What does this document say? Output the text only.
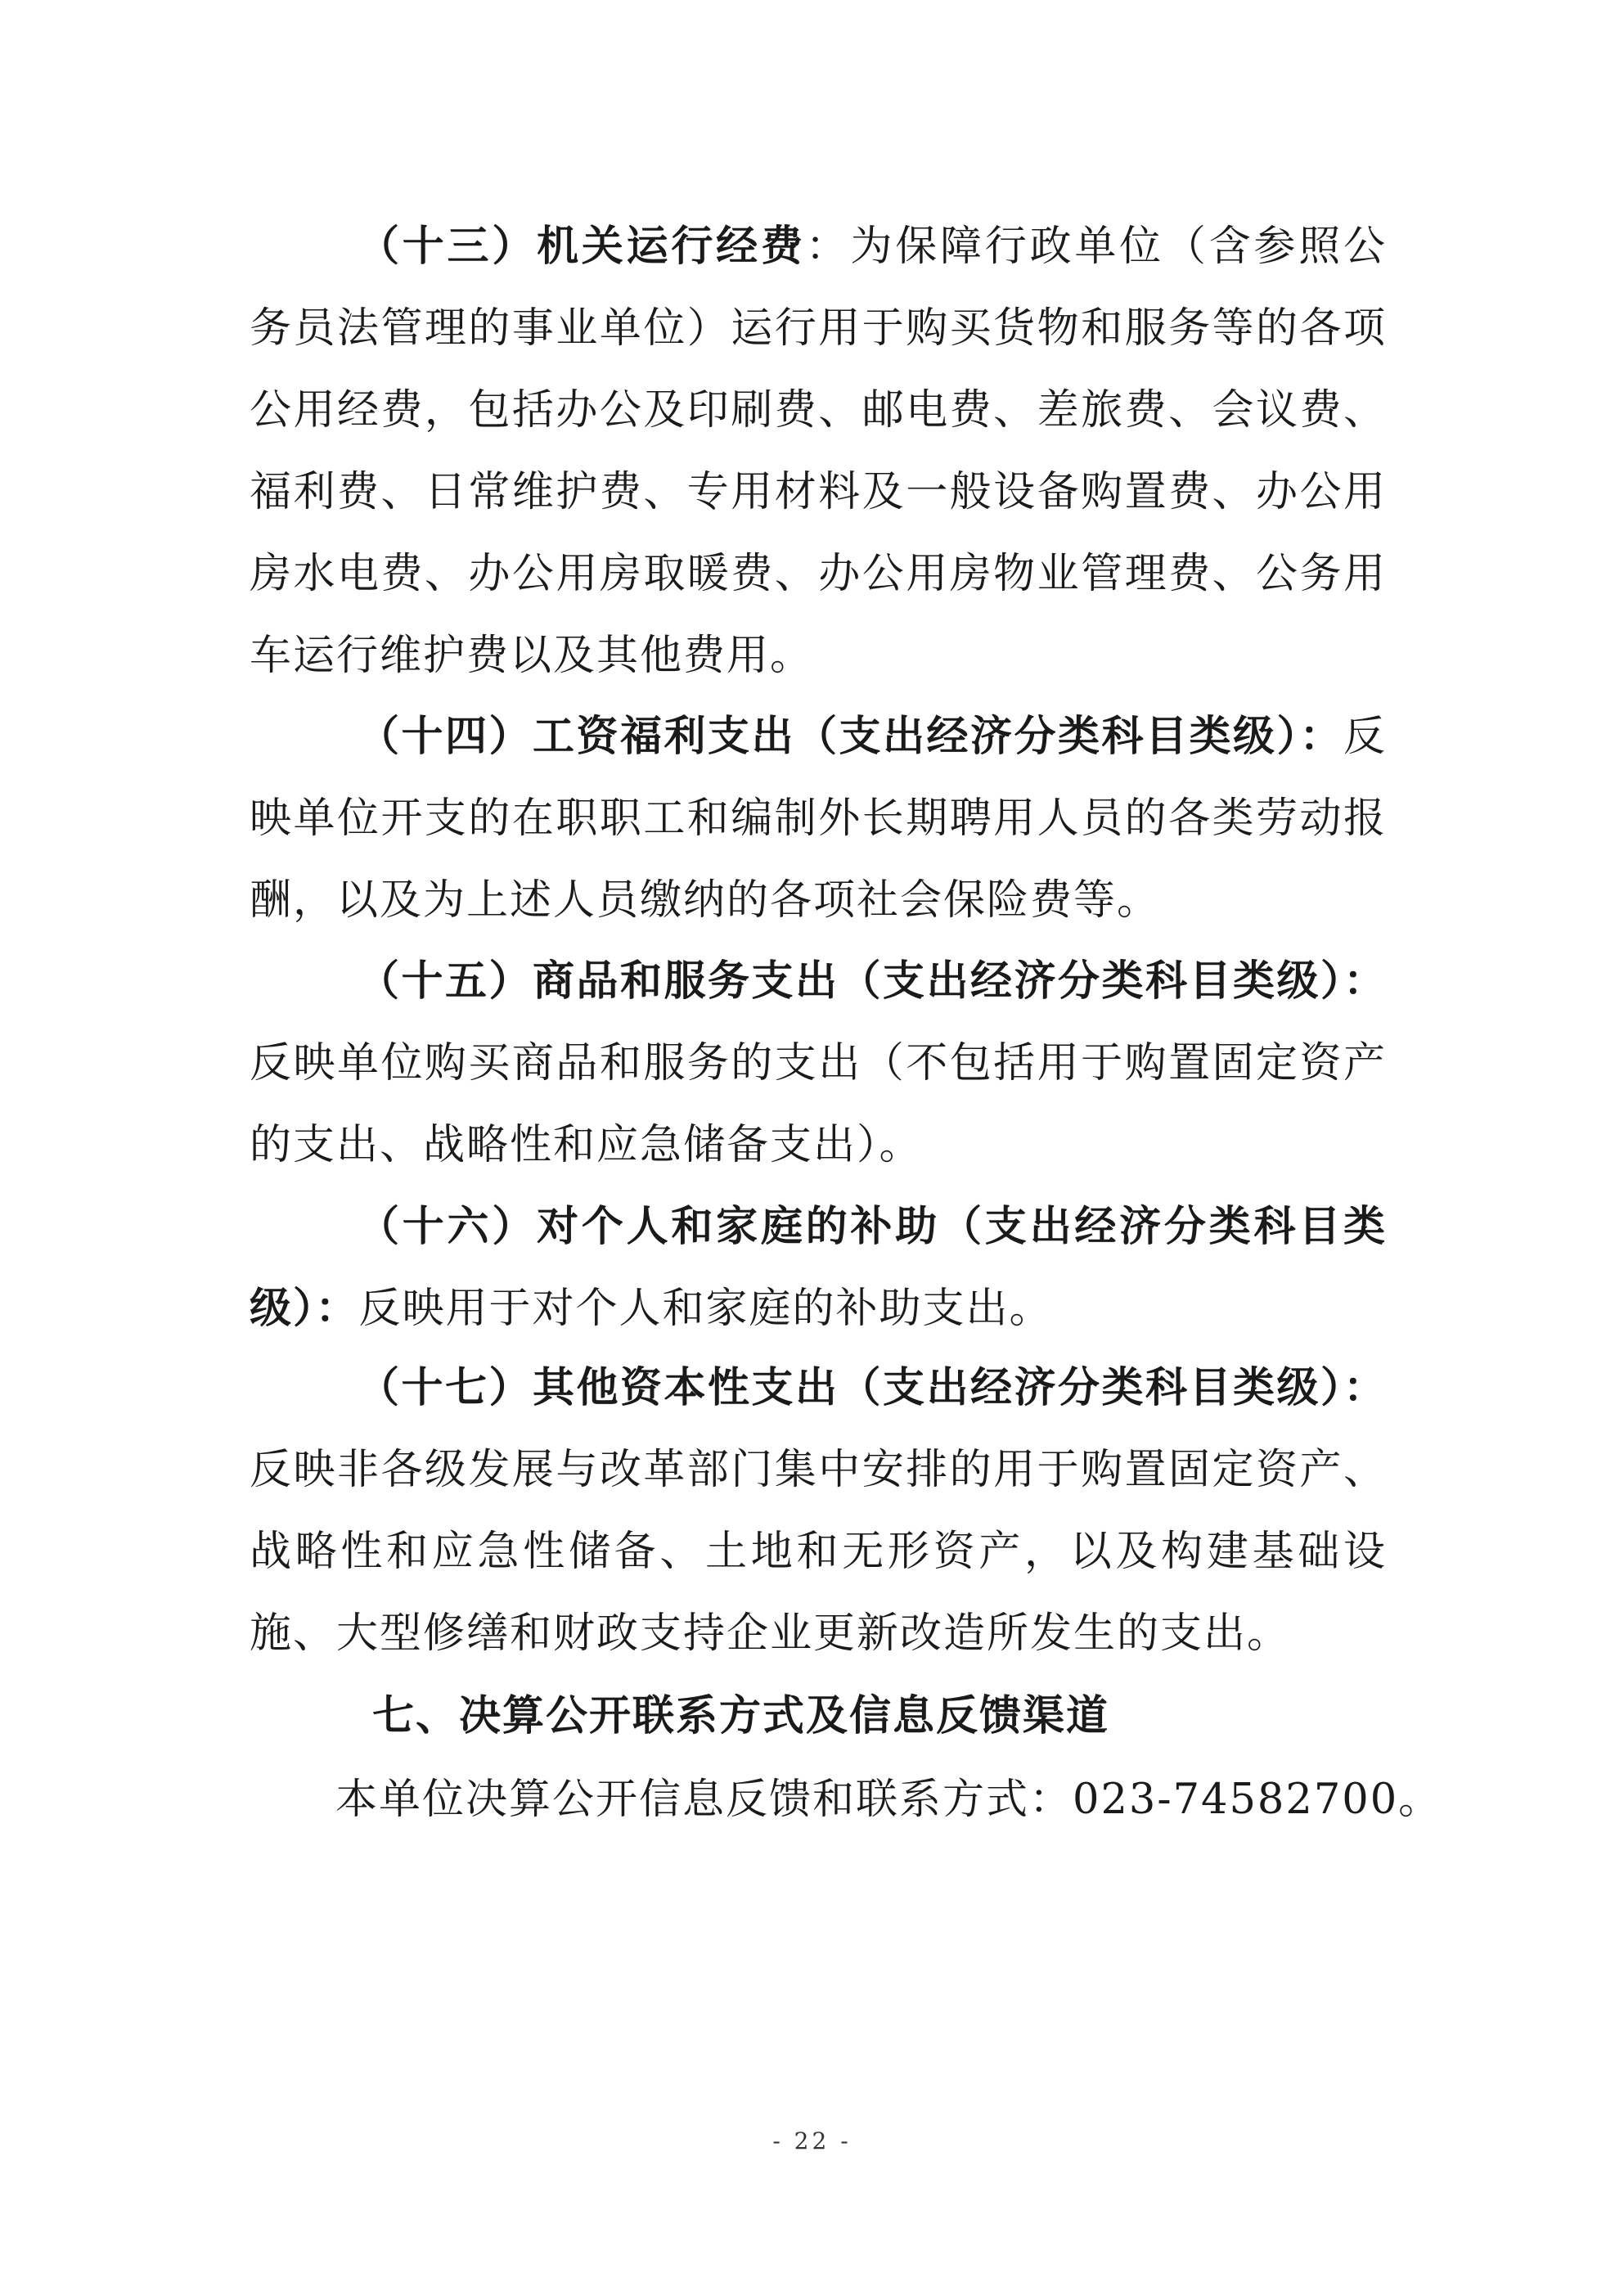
（十三）机关运行经费：为保障行政单位（含参照公务员法管理的事业单位）运行用于购买货物和服务等的各项公用经费，包括办公及印刷费、邮电费、差旅费、会议费、福利费、日常维护费、专用材料及一般设备购置费、办公用房水电费、办公用房取暖费、办公用房物业管理费、公务用车运行维护费以及其他费用。

（十四）工资福利支出（支出经济分类科目类级）：反映单位开支的在职职工和编制外长期聘用人员的各类劳动报酬，以及为上述人员缴纳的各项社会保险费等。

（十五）商品和服务支出（支出经济分类科目类级）：反映单位购买商品和服务的支出（不包括用于购置固定资产的支出、战略性和应急储备支出）。

（十六）对个人和家庭的补助（支出经济分类科目类级）：反映用于对个人和家庭的补助支出。

（十七）其他资本性支出（支出经济分类科目类级）：反映非各级发展与改革部门集中安排的用于购置固定资产、战略性和应急性储备、土地和无形资产，以及构建基础设施、大型修缮和财政支持企业更新改造所发生的支出。

七、决算公开联系方式及信息反馈渠道
本单位决算公开信息反馈和联系方式：023-74582700。
- 22 -
